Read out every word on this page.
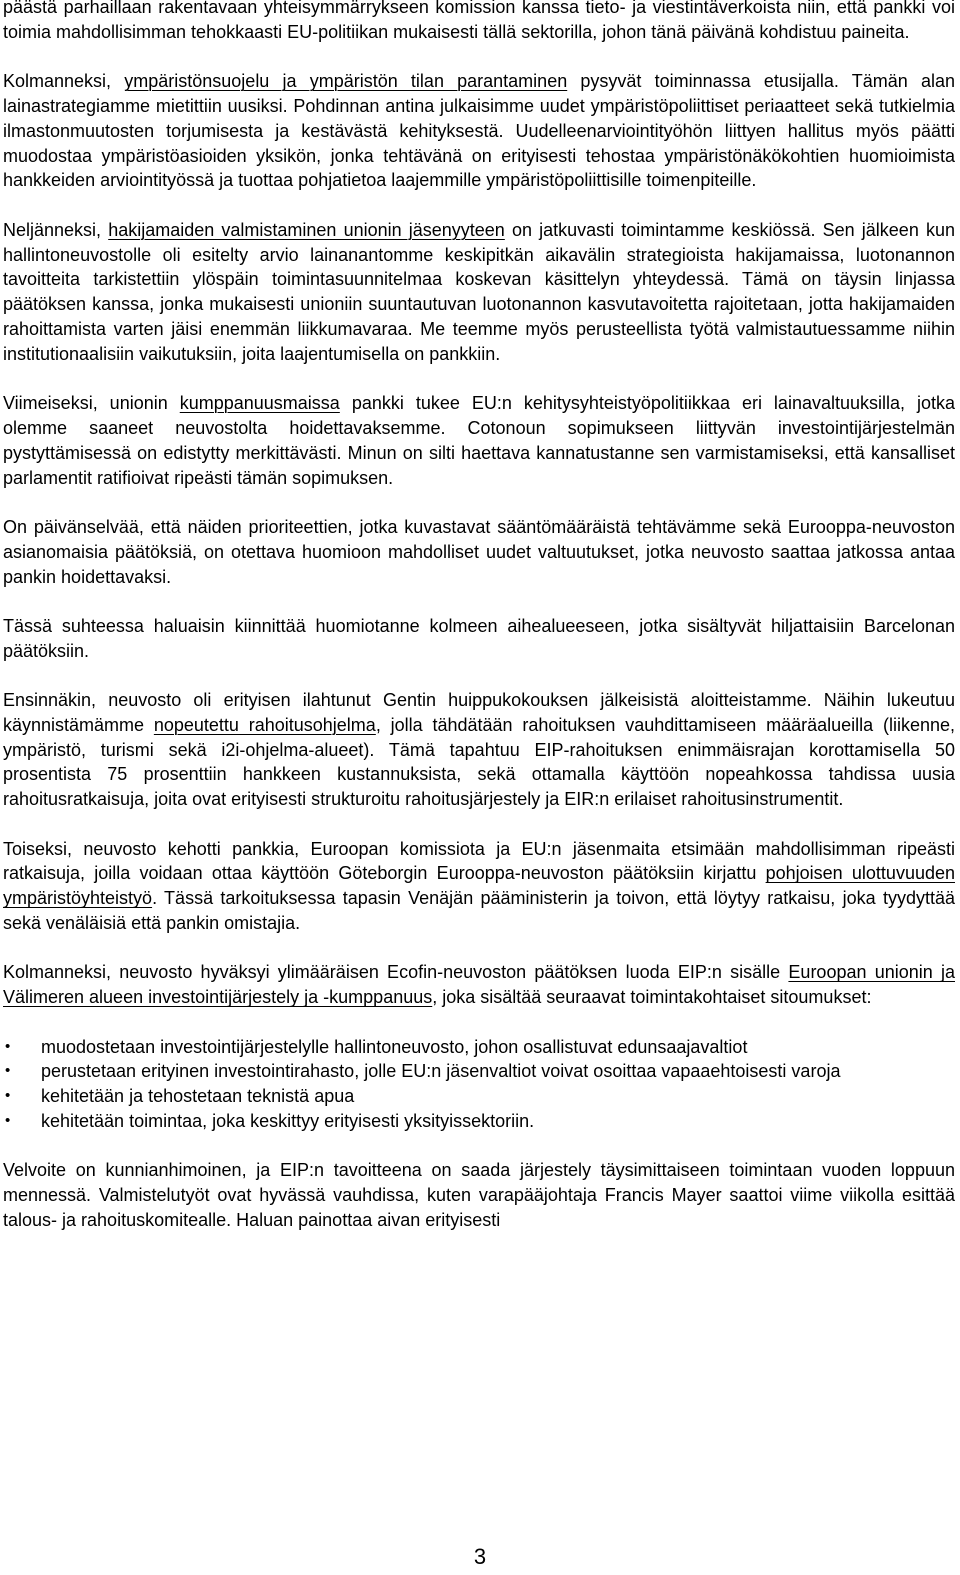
päästä parhaillaan rakentavaan yhteisymmärrykseen komission kanssa tieto- ja viestintäverkoista niin, että pankki voi toimia mahdollisimman tehokkaasti EU-politiikan mukaisesti tällä sektorilla, johon tänä päivänä kohdistuu paineita.

Kolmanneksi, ympäristönsuojelu ja ympäristön tilan parantaminen pysyvät toiminnassa etusijalla. Tämän alan lainastrategiamme mietittiin uusiksi. Pohdinnan antina julkaisimme uudet ympäristöpoliittiset periaatteet sekä tutkielmia ilmastonmuutosten torjumisesta ja kestävästä kehityksestä. Uudelleenarviointityöhön liittyen hallitus myös päätti muodostaa ympäristöasioiden yksikön, jonka tehtävänä on erityisesti tehostaa ympäristönäkökohtien huomioimista hankkeiden arviointityössä ja tuottaa pohjatietoa laajemmille ympäristöpoliittisille toimenpiteille.

Neljänneksi, hakijamaiden valmistaminen unionin jäsenyyteen on jatkuvasti toimintamme keskiössä. Sen jälkeen kun hallintoneuvostolle oli esitelty arvio lainanantomme keskipitkän aikavälin strategioista hakijamaissa, luotonannon tavoitteita tarkistettiin ylöspäin toimintasuunnitelmaa koskevan käsittelyn yhteydessä. Tämä on täysin linjassa päätöksen kanssa, jonka mukaisesti unioniin suuntautuvan luotonannon kasvutavoitetta rajoitetaan, jotta hakijamaiden rahoittamista varten jäisi enemmän liikkumavaraa. Me teemme myös perusteellista työtä valmistautuessamme niihin institutionaalisiin vaikutuksiin, joita laajentumisella on pankkiin.

Viimeiseksi, unionin kumppanuusmaissa pankki tukee EU:n kehitysyhteistyöpolitiikkaa eri lainavaltuuksilla, jotka olemme saaneet neuvostolta hoidettavaksemme. Cotonoun sopimukseen liittyvän investointijärjestelmän pystyttämisessä on edistytty merkittävästi. Minun on silti haettava kannatustanne sen varmistamiseksi, että kansalliset parlamentit ratifioivat ripeästi tämän sopimuksen.

On päivänselvää, että näiden prioriteettien, jotka kuvastavat sääntömääräistä tehtävämme sekä Eurooppa-neuvoston asianomaisia päätöksiä, on otettava huomioon mahdolliset uudet valtuutukset, jotka neuvosto saattaa jatkossa antaa pankin hoidettavaksi.

Tässä suhteessa haluaisin kiinnittää huomiotanne kolmeen aihealueeseen, jotka sisältyvät hiljattaisiin Barcelonan päätöksiin.

Ensinnäkin, neuvosto oli erityisen ilahtunut Gentin huippukokouksen jälkeisistä aloitteistamme. Näihin lukeutuu käynnistämämme nopeutettu rahoitusohjelma, jolla tähdätään rahoituksen vauhdittamiseen määräalueilla (liikenne, ympäristö, turismi sekä i2i-ohjelma-alueet). Tämä tapahtuu EIP-rahoituksen enimmäisrajan korottamisella 50 prosentista 75 prosenttiin hankkeen kustannuksista, sekä ottamalla käyttöön nopeahkossa tahdissa uusia rahoitusratkaisuja, joita ovat erityisesti strukturoitu rahoitusjärjestely ja EIR:n erilaiset rahoitusinstrumentit.

Toiseksi, neuvosto kehotti pankkia, Euroopan komissiota ja EU:n jäsenmaita etsimään mahdollisimman ripeästi ratkaisuja, joilla voidaan ottaa käyttöön Göteborgin Eurooppa-neuvoston päätöksiin kirjattu pohjoisen ulottuvuuden ympäristöyhteistyö. Tässä tarkoituksessa tapasin Venäjän pääministerin ja toivon, että löytyy ratkaisu, joka tyydyttää sekä venäläisiä että pankin omistajia.

Kolmanneksi, neuvosto hyväksyi ylimääräisen Ecofin-neuvoston päätöksen luoda EIP:n sisälle Euroopan unionin ja Välimeren alueen investointijärjestely ja -kumppanuus, joka sisältää seuraavat toimintakohtaiset sitoumukset:

• muodostetaan investointijärjestelylle hallintoneuvosto, johon osallistuvat edunsaajavaltiot
• perustetaan erityinen investointirahasto, jolle EU:n jäsenvaltiot voivat osoittaa vapaaehtoisesti varoja
• kehitetään ja tehostetaan teknistä apua
• kehitetään toimintaa, joka keskittyy erityisesti yksityissektoriin.

Velvoite on kunnianhimoinen, ja EIP:n tavoitteena on saada järjestely täysimittaiseen toimintaan vuoden loppuun mennessä. Valmistelutyöt ovat hyvässä vauhdissa, kuten varapääjohtaja Francis Mayer saattoi viime viikolla esittää talous- ja rahoituskomitealle. Haluan painottaa aivan erityisesti

3
